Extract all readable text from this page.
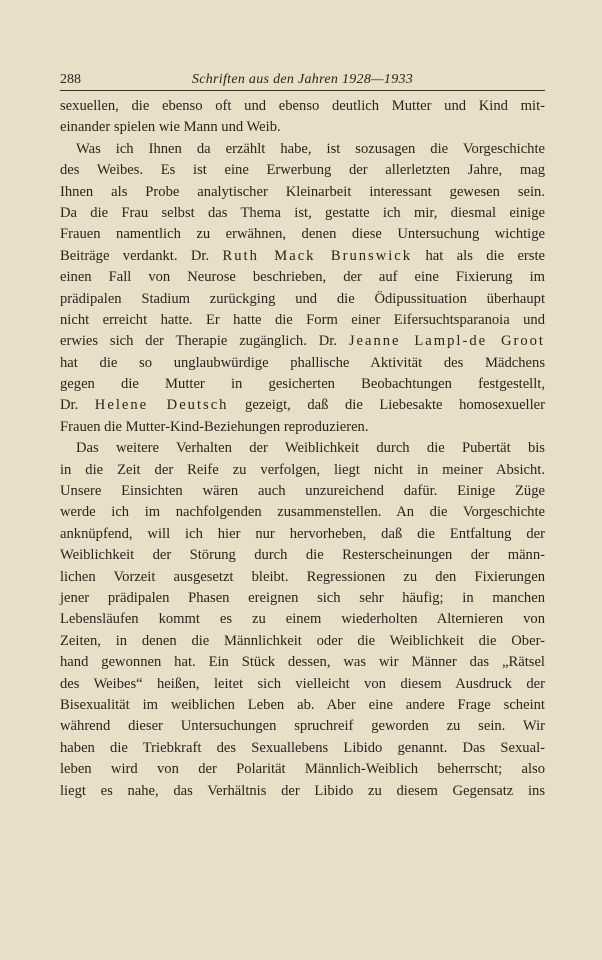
288	Schriften aus den Jahren 1928—1933
sexuellen, die ebenso oft und ebenso deutlich Mutter und Kind mit-
einander spielen wie Mann und Weib.
Was ich Ihnen da erzählt habe, ist sozusagen die Vorgeschichte
des Weibes. Es ist eine Erwerbung der allerletzten Jahre, mag
Ihnen als Probe analytischer Kleinarbeit interessant gewesen sein.
Da die Frau selbst das Thema ist, gestatte ich mir, diesmal einige
Frauen namentlich zu erwähnen, denen diese Untersuchung wichtige
Beiträge verdankt. Dr. Ruth Mack Brunswick hat als die erste
einen Fall von Neurose beschrieben, der auf eine Fixierung im
prädipalen Stadium zurückging und die Ödipussituation überhaupt
nicht erreicht hatte. Er hatte die Form einer Eifersuchtsparanoia und
erwies sich der Therapie zugänglich. Dr. Jeanne Lampl-de Groot
hat die so unglaubwürdige phallische Aktivität des Mädchens
gegen die Mutter in gesicherten Beobachtungen festgestellt,
Dr. Helene Deutsch gezeigt, daß die Liebesakte homosexueller
Frauen die Mutter-Kind-Beziehungen reproduzieren.
Das weitere Verhalten der Weiblichkeit durch die Pubertät bis
in die Zeit der Reife zu verfolgen, liegt nicht in meiner Absicht.
Unsere Einsichten wären auch unzureichend dafür. Einige Züge
werde ich im nachfolgenden zusammenstellen. An die Vorgeschichte
anknüpfend, will ich hier nur hervorheben, daß die Entfaltung der
Weiblichkeit der Störung durch die Resterscheinungen der männ-
lichen Vorzeit ausgesetzt bleibt. Regressionen zu den Fixierungen
jener prädipalen Phasen ereignen sich sehr häufig; in manchen
Lebensläufen kommt es zu einem wiederholten Alternieren von
Zeiten, in denen die Männlichkeit oder die Weiblichkeit die Ober-
hand gewonnen hat. Ein Stück dessen, was wir Männer das „Rätsel
des Weibes“ heißen, leitet sich vielleicht von diesem Ausdruck der
Bisexualität im weiblichen Leben ab. Aber eine andere Frage scheint
während dieser Untersuchungen spruchreif geworden zu sein. Wir
haben die Triebkraft des Sexuallebens Libido genannt. Das Sexual-
leben wird von der Polarität Männlich-Weiblich beherrscht; also
liegt es nahe, das Verhältnis der Libido zu diesem Gegensatz ins
